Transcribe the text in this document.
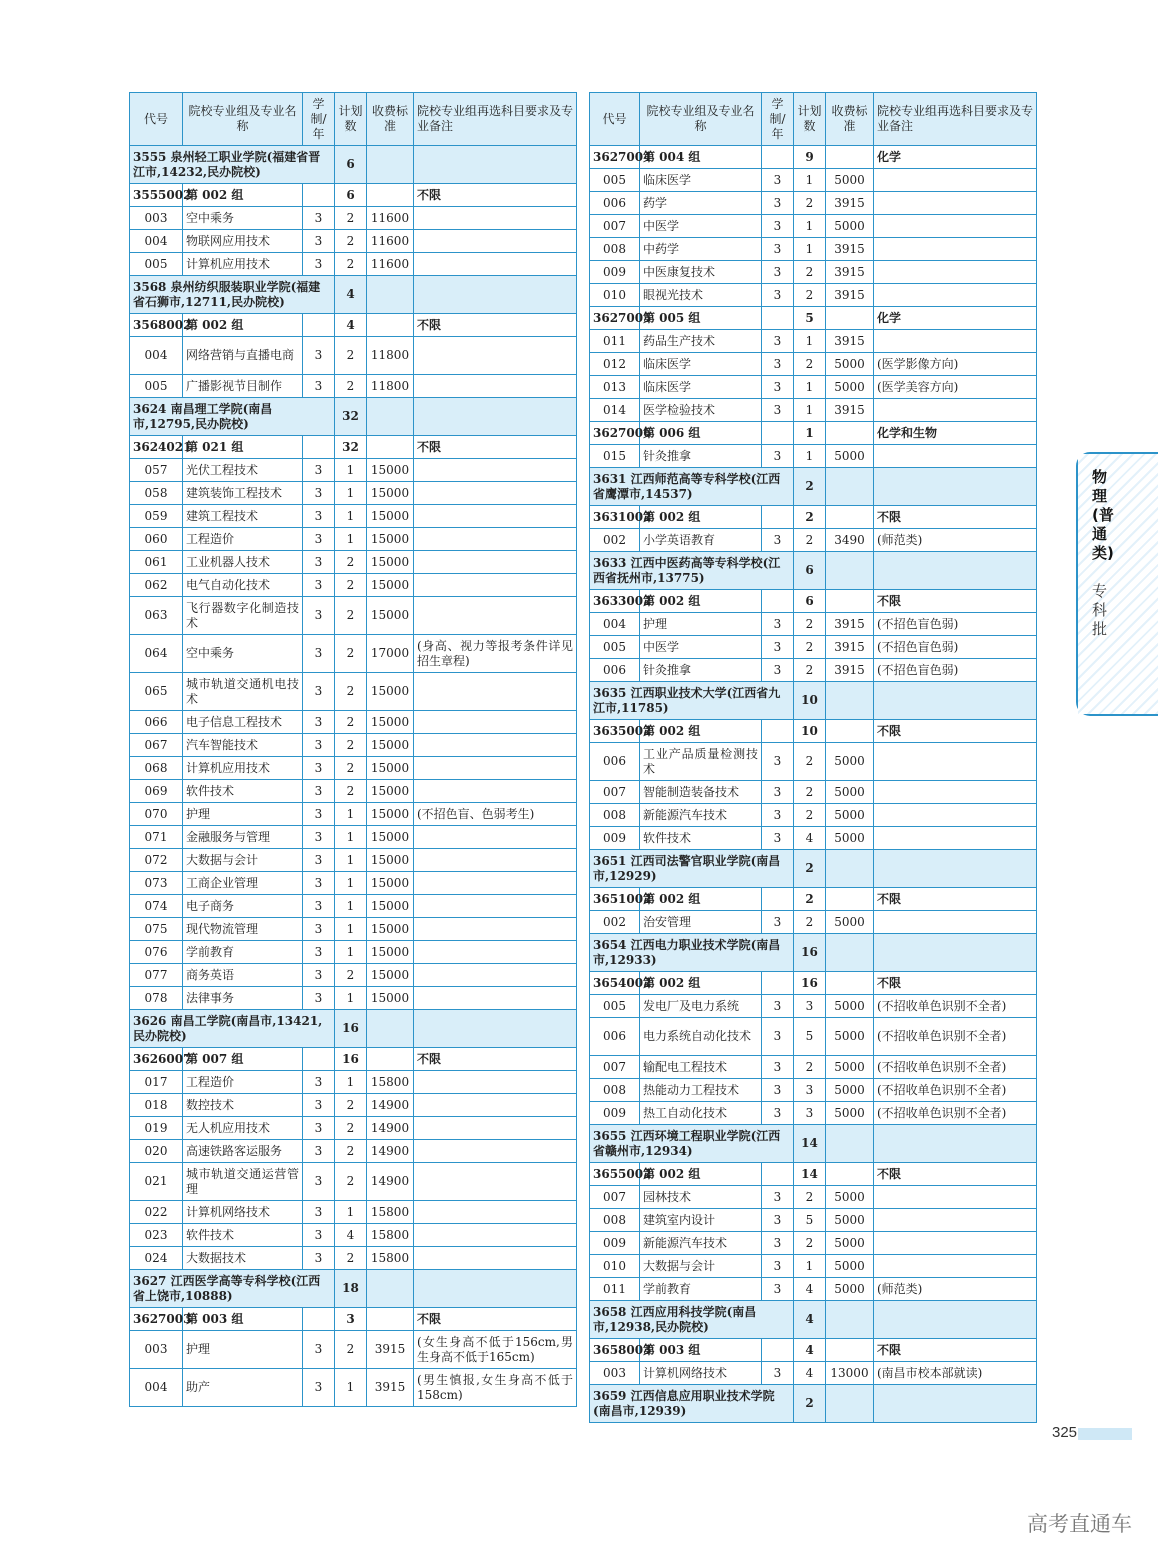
代号	院校专业组及专业名称	学制/年	计划数	收费标准	院校专业组再选科目要求及专业备注
3555 泉州轻工职业学院(福建省晋江市,14232,民办院校)			6		
3555002	第 002 组		6		不限
003	空中乘务	3	2	11600	
004	物联网应用技术	3	2	11600	
005	计算机应用技术	3	2	11600	
3568 泉州纺织服装职业学院(福建省石狮市,12711,民办院校)			4		
3568002	第 002 组		4		不限
004	网络营销与直播电商	3	2	11800	
005	广播影视节目制作	3	2	11800	
3624 南昌理工学院(南昌市,12795,民办院校)			32		
3624021	第 021 组		32		不限
057	光伏工程技术	3	1	15000	
058	建筑装饰工程技术	3	1	15000	
059	建筑工程技术	3	1	15000	
060	工程造价	3	1	15000	
061	工业机器人技术	3	2	15000	
062	电气自动化技术	3	2	15000	
063	飞行器数字化制造技术	3	2	15000	
064	空中乘务	3	2	17000	(身高、视力等报考条件详见招生章程)
065	城市轨道交通机电技术	3	2	15000	
066	电子信息工程技术	3	2	15000	
067	汽车智能技术	3	2	15000	
068	计算机应用技术	3	2	15000	
069	软件技术	3	2	15000	
070	护理	3	1	15000	(不招色盲、色弱考生)
071	金融服务与管理	3	1	15000	
072	大数据与会计	3	1	15000	
073	工商企业管理	3	1	15000	
074	电子商务	3	1	15000	
075	现代物流管理	3	1	15000	
076	学前教育	3	1	15000	
077	商务英语	3	2	15000	
078	法律事务	3	1	15000	
3626 南昌工学院(南昌市,13421,民办院校)			16		
3626007	第 007 组		16		不限
017	工程造价	3	1	15800	
018	数控技术	3	2	14900	
019	无人机应用技术	3	2	14900	
020	高速铁路客运服务	3	2	14900	
021	城市轨道交通运营管理	3	2	14900	
022	计算机网络技术	3	1	15800	
023	软件技术	3	4	15800	
024	大数据技术	3	2	15800	
3627 江西医学高等专科学校(江西省上饶市,10888)			18		
3627003	第 003 组		3		不限
003	护理	3	2	3915	(女生身高不低于156cm,男生身高不低于165cm)
004	助产	3	1	3915	(男生慎报,女生身高不低于158cm)
代号	院校专业组及专业名称	学制/年	计划数	收费标准	院校专业组再选科目要求及专业备注
3627004	第 004 组		9		化学
005	临床医学	3	1	5000	
006	药学	3	2	3915	
007	中医学	3	1	5000	
008	中药学	3	1	3915	
009	中医康复技术	3	2	3915	
010	眼视光技术	3	2	3915	
3627005	第 005 组		5		化学
011	药品生产技术	3	1	3915	
012	临床医学	3	2	5000	(医学影像方向)
013	临床医学	3	1	5000	(医学美容方向)
014	医学检验技术	3	1	3915	
3627006	第 006 组		1		化学和生物
015	针灸推拿	3	1	5000	
3631 江西师范高等专科学校(江西省鹰潭市,14537)			2		
3631002	第 002 组		2		不限
002	小学英语教育	3	2	3490	(师范类)
3633 江西中医药高等专科学校(江西省抚州市,13775)			6		
3633002	第 002 组		6		不限
004	护理	3	2	3915	(不招色盲色弱)
005	中医学	3	2	3915	(不招色盲色弱)
006	针灸推拿	3	2	3915	(不招色盲色弱)
3635 江西职业技术大学(江西省九江市,11785)			10		
3635002	第 002 组		10		不限
006	工业产品质量检测技术	3	2	5000	
007	智能制造装备技术	3	2	5000	
008	新能源汽车技术	3	2	5000	
009	软件技术	3	4	5000	
3651 江西司法警官职业学院(南昌市,12929)			2		
3651002	第 002 组		2		不限
002	治安管理	3	2	5000	
3654 江西电力职业技术学院(南昌市,12933)			16		
3654002	第 002 组		16		不限
005	发电厂及电力系统	3	3	5000	(不招收单色识别不全者)
006	电力系统自动化技术	3	5	5000	(不招收单色识别不全者)
007	输配电工程技术	3	2	5000	(不招收单色识别不全者)
008	热能动力工程技术	3	3	5000	(不招收单色识别不全者)
009	热工自动化技术	3	3	5000	(不招收单色识别不全者)
3655 江西环境工程职业学院(江西省赣州市,12934)			14		
3655002	第 002 组		14		不限
007	园林技术	3	2	5000	
008	建筑室内设计	3	5	5000	
009	新能源汽车技术	3	2	5000	
010	大数据与会计	3	1	5000	
011	学前教育	3	4	5000	(师范类)
3658 江西应用科技学院(南昌市,12938,民办院校)			4		
3658003	第 003 组		4		不限
003	计算机网络技术	3	4	13000	(南昌市校本部就读)
3659 江西信息应用职业技术学院(南昌市,12939)			2		
物理(普通类)
专科批
325
高考直通车
